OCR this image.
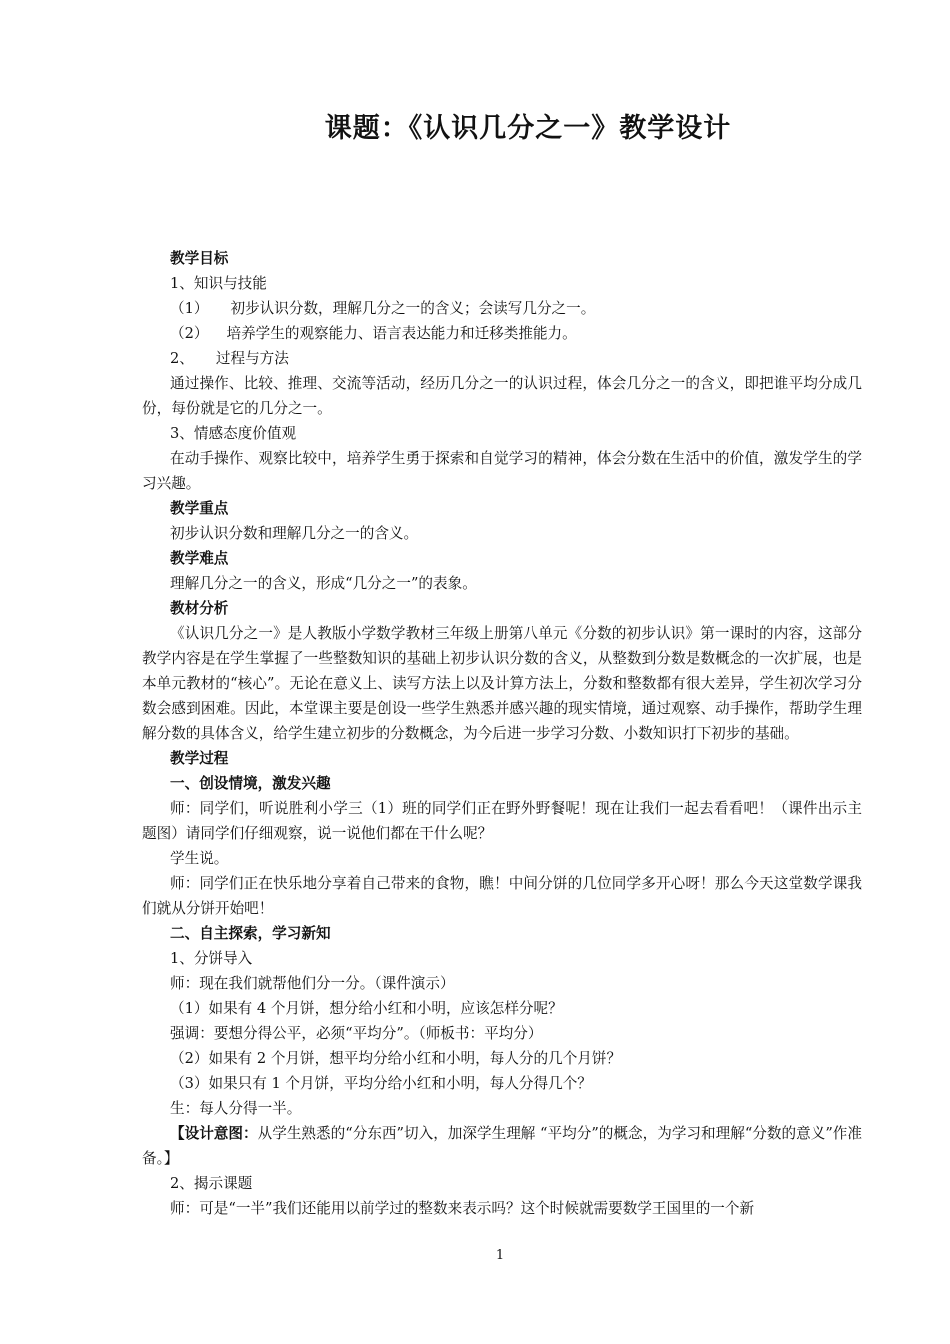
课题：《认识几分之一》教学设计

教学目标

1、知识与技能

（1） 初步认识分数，理解几分之一的含义；会读写几分之一。

（2） 培养学生的观察能力、语言表达能力和迁移类推能力。

2、 过程与方法

通过操作、比较、推理、交流等活动，经历几分之一的认识过程，体会几分之一的含义，即把谁平均分成几份，每份就是它的几分之一。

3、情感态度价值观

在动手操作、观察比较中，培养学生勇于探索和自觉学习的精神，体会分数在生活中的价值，激发学生的学习兴趣。

教学重点

初步认识分数和理解几分之一的含义。

教学难点

理解几分之一的含义，形成“几分之一”的表象。

教材分析

《认识几分之一》是人教版小学数学教材三年级上册第八单元《分数的初步认识》第一课时的内容，这部分教学内容是在学生掌握了一些整数知识的基础上初步认识分数的含义，从整数到分数是数概念的一次扩展，也是本单元教材的“核心”。无论在意义上、读写方法上以及计算方法上，分数和整数都有很大差异，学生初次学习分数会感到困难。因此，本堂课主要是创设一些学生熟悉并感兴趣的现实情境，通过观察、动手操作，帮助学生理解分数的具体含义，给学生建立初步的分数概念，为今后进一步学习分数、小数知识打下初步的基础。

教学过程

一、创设情境，激发兴趣

师：同学们，听说胜利小学三（1）班的同学们正在野外野餐呢！现在让我们一起去看看吧！（课件出示主题图）请同学们仔细观察，说一说他们都在干什么呢？

学生说。

师：同学们正在快乐地分享着自己带来的食物，瞧！中间分饼的几位同学多开心呀！那么今天这堂数学课我们就从分饼开始吧！

二、自主探索，学习新知

1、分饼导入

师：现在我们就帮他们分一分。（课件演示）

（1）如果有 4 个月饼，想分给小红和小明，应该怎样分呢？

强调：要想分得公平，必须“平均分”。（师板书：平均分）

（2）如果有 2 个月饼，想平均分给小红和小明，每人分的几个月饼？

（3）如果只有 1 个月饼，平均分给小红和小明，每人分得几个？

生：每人分得一半。

【设计意图：从学生熟悉的“分东西”切入，加深学生理解 “平均分”的概念，为学习和理解“分数的意义”作准备。】

2、揭示课题

师：可是“一半”我们还能用以前学过的整数来表示吗？这个时候就需要数学王国里的一个新

1
